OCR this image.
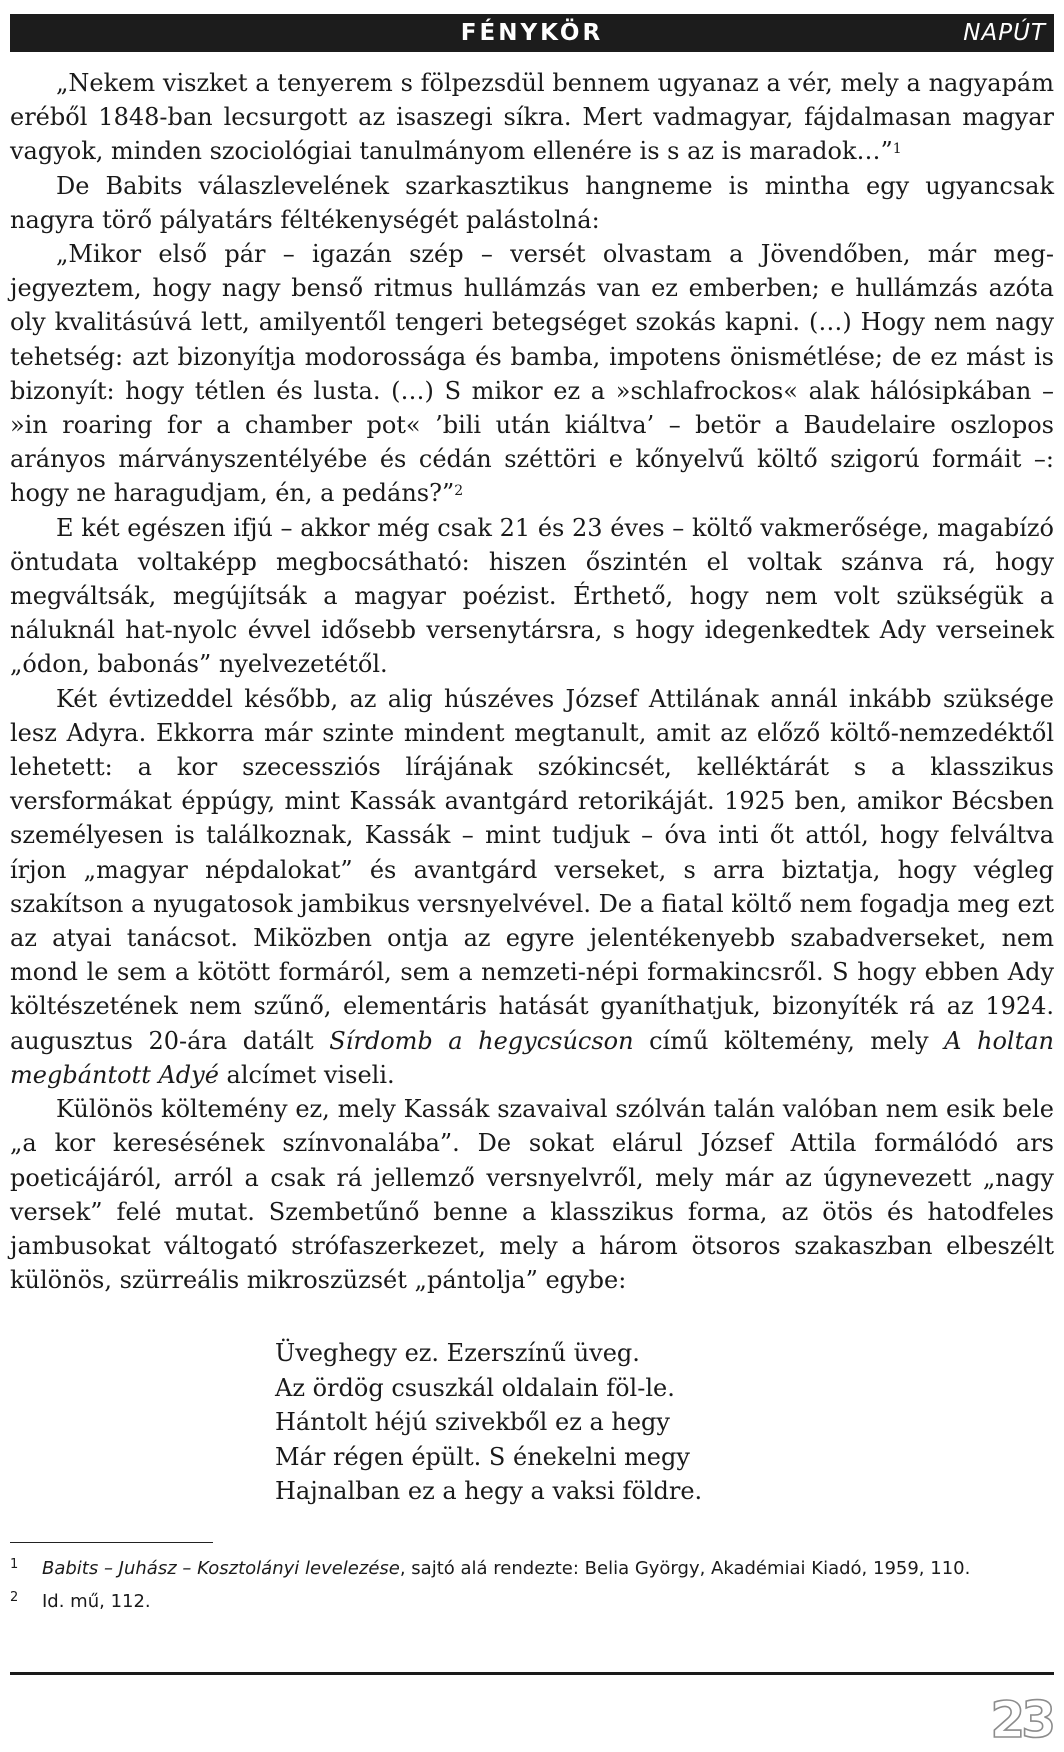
FÉNYKÖR	NAPÚT

„Nekem viszket a tenyerem s fölpezsdül bennem ugyanaz a vér, mely a nagyapám eréből 1848-ban lecsurgott az isaszegi síkra. Mert vadmagyar, fájdalmasan magyar vagyok, minden szociológiai tanulmányom ellenére is s az is maradok…”$^1$

De Babits válaszlevelének szarkasztikus hangneme is mintha egy ugyancsak nagyra törő pályatárs féltékenységét palástolná:

„Mikor első pár – igazán szép – versét olvastam a Jövendőben, már megjegyeztem, hogy nagy benső ritmus hullámzás van ez emberben; e hullámzás azóta oly kvalitásúvá lett, amilyentől tengeri betegséget szokás kapni. (…) Hogy nem nagy tehetség: azt bizonyítja modorossága és bamba, impotens önismétlése; de ez mást is bizonyít: hogy tétlen és lusta. (…) S mikor ez a »schlafrockos« alak hálósipkában – »in roaring for a chamber pot« ’bili után kiáltva’ – betör a Baudelaire oszlopos arányos márványszentélyébe és cédán széttöri e kőnyelvű költő szigorú formáit –: hogy ne haragudjam, én, a pedáns?”$^2$

E két egészen ifjú – akkor még csak 21 és 23 éves – költő vakmerősége, magabízó öntudata voltaképp megbocsátható: hiszen őszintén el voltak szánva rá, hogy megváltsák, megújítsák a magyar poézist. Érthető, hogy nem volt szükségük a náluknál hat-nyolc évvel idősebb versenytársra, s hogy idegenkedtek Ady verseinek „ódon, babonás” nyelvezetétől.

Két évtizeddel később, az alig húszéves József Attilának annál inkább szüksége lesz Adyra. Ekkorra már szinte mindent megtanult, amit az előző költő-nemzedéktől lehetett: a kor szecessziós lírájának szókincsét, kelléktárát s a klasszikus versformákat éppúgy, mint Kassák avantgárd retorikáját. 1925 ben, amikor Bécsben személyesen is találkoznak, Kassák – mint tudjuk – óva inti őt attól, hogy felváltva írjon „magyar népdalokat” és avantgárd verseket, s arra biztatja, hogy végleg szakítson a nyugatosok jambikus versnyelvével. De a fiatal költő nem fogadja meg ezt az atyai tanácsot. Miközben ontja az egyre jelentékenyebb szabadverseket, nem mond le sem a kötött formáról, sem a nemzeti-népi formakincsről. S hogy ebben Ady költészetének nem szűnő, elementáris hatását gyaníthatjuk, bizonyíték rá az 1924. augusztus 20-ára datált Sírdomb a hegycsúcson című költemény, mely A holtan megbántott Adyé alcímet viseli.

Különös költemény ez, mely Kassák szavaival szólván talán valóban nem esik bele „a kor keresésének színvonalába”. De sokat elárul József Attila formálódó ars poeticájáról, arról a csak rá jellemző versnyelvről, mely már az úgynevezett „nagy versek” felé mutat. Szembetűnő benne a klasszikus forma, az ötös és hatodfeles jambusokat váltogató strófaszerkezet, mely a három ötsoros szakaszban elbeszélt különös, szürreális mikroszüzsét „pántolja” egybe:

Üveghegy ez. Ezerszínű üveg.
Az ördög csuszkál oldalain föl-le.
Hántolt héjú szivekből ez a hegy
Már régen épült. S énekelni megy
Hajnalban ez a hegy a vaksi földre.
1 Babits – Juhász – Kosztolányi levelezése, sajtó alá rendezte: Belia György, Akadémiai Kiadó, 1959, 110.
2 Id. mű, 112.
23
